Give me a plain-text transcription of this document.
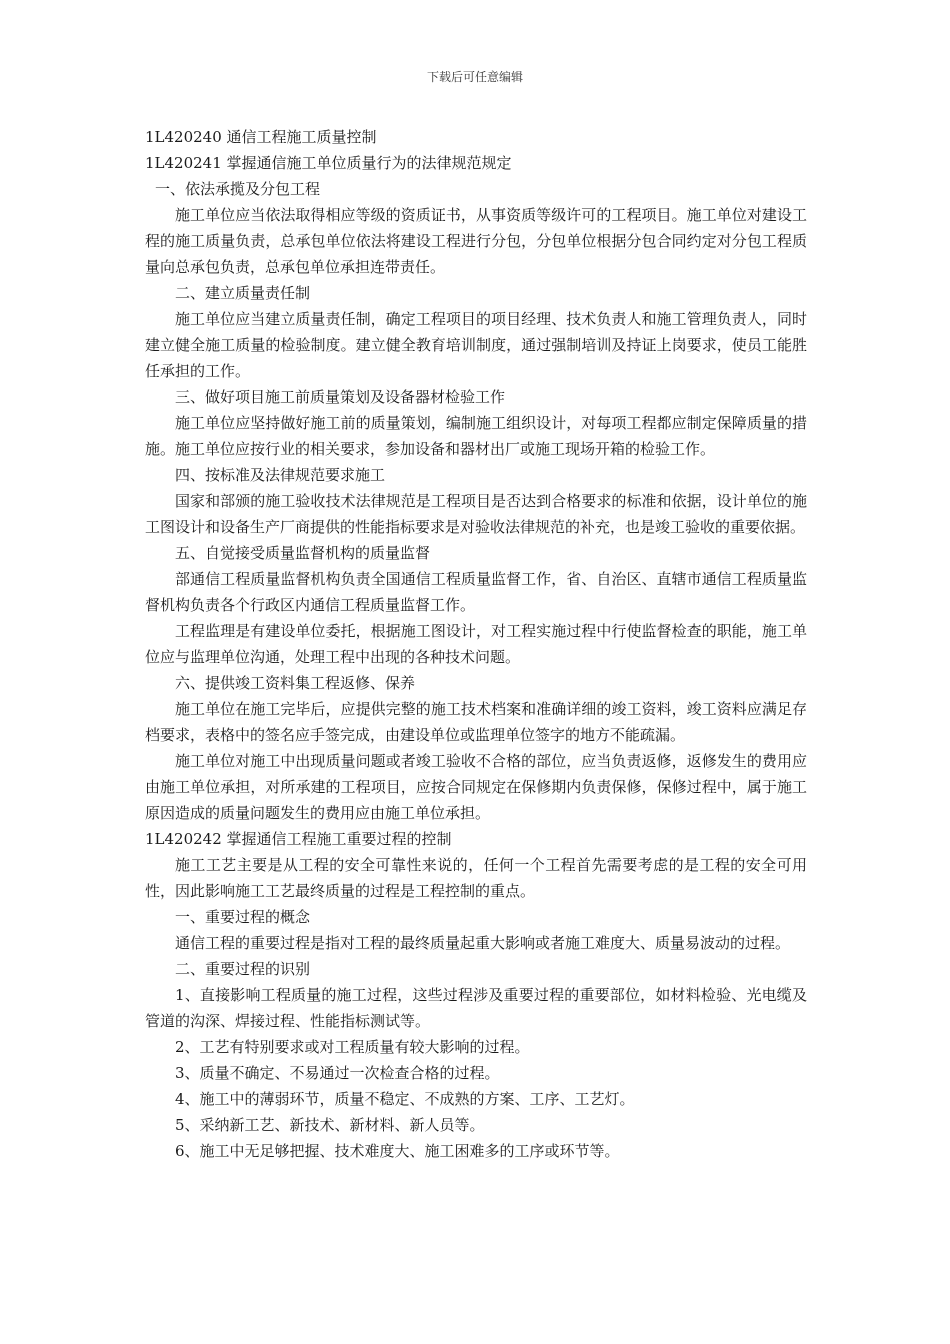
下载后可任意编辑

1L420240 通信工程施工质量控制

1L420241 掌握通信施工单位质量行为的法律规范规定

一、依法承揽及分包工程

施工单位应当依法取得相应等级的资质证书，从事资质等级许可的工程项目。施工单位对建设工程的施工质量负责，总承包单位依法将建设工程进行分包，分包单位根据分包合同约定对分包工程质量向总承包负责，总承包单位承担连带责任。

二、建立质量责任制

施工单位应当建立质量责任制，确定工程项目的项目经理、技术负责人和施工管理负责人，同时建立健全施工质量的检验制度。建立健全教育培训制度，通过强制培训及持证上岗要求，使员工能胜任承担的工作。

三、做好项目施工前质量策划及设备器材检验工作

施工单位应坚持做好施工前的质量策划，编制施工组织设计，对每项工程都应制定保障质量的措施。施工单位应按行业的相关要求，参加设备和器材出厂或施工现场开箱的检验工作。

四、按标准及法律规范要求施工

国家和部颁的施工验收技术法律规范是工程项目是否达到合格要求的标准和依据，设计单位的施工图设计和设备生产厂商提供的性能指标要求是对验收法律规范的补充，也是竣工验收的重要依据。

五、自觉接受质量监督机构的质量监督

部通信工程质量监督机构负责全国通信工程质量监督工作，省、自治区、直辖市通信工程质量监督机构负责各个行政区内通信工程质量监督工作。

工程监理是有建设单位委托，根据施工图设计，对工程实施过程中行使监督检查的职能，施工单位应与监理单位沟通，处理工程中出现的各种技术问题。

六、提供竣工资料集工程返修、保养

施工单位在施工完毕后，应提供完整的施工技术档案和准确详细的竣工资料，竣工资料应满足存档要求，表格中的签名应手签完成，由建设单位或监理单位签字的地方不能疏漏。

施工单位对施工中出现质量问题或者竣工验收不合格的部位，应当负责返修，返修发生的费用应由施工单位承担，对所承建的工程项目，应按合同规定在保修期内负责保修，保修过程中，属于施工原因造成的质量问题发生的费用应由施工单位承担。

1L420242 掌握通信工程施工重要过程的控制

施工工艺主要是从工程的安全可靠性来说的，任何一个工程首先需要考虑的是工程的安全可用性，因此影响施工工艺最终质量的过程是工程控制的重点。

一、重要过程的概念

通信工程的重要过程是指对工程的最终质量起重大影响或者施工难度大、质量易波动的过程。

二、重要过程的识别

1、直接影响工程质量的施工过程，这些过程涉及重要过程的重要部位，如材料检验、光电缆及管道的沟深、焊接过程、性能指标测试等。

2、工艺有特别要求或对工程质量有较大影响的过程。

3、质量不确定、不易通过一次检查合格的过程。

4、施工中的薄弱环节，质量不稳定、不成熟的方案、工序、工艺灯。

5、采纳新工艺、新技术、新材料、新人员等。

6、施工中无足够把握、技术难度大、施工困难多的工序或环节等。
